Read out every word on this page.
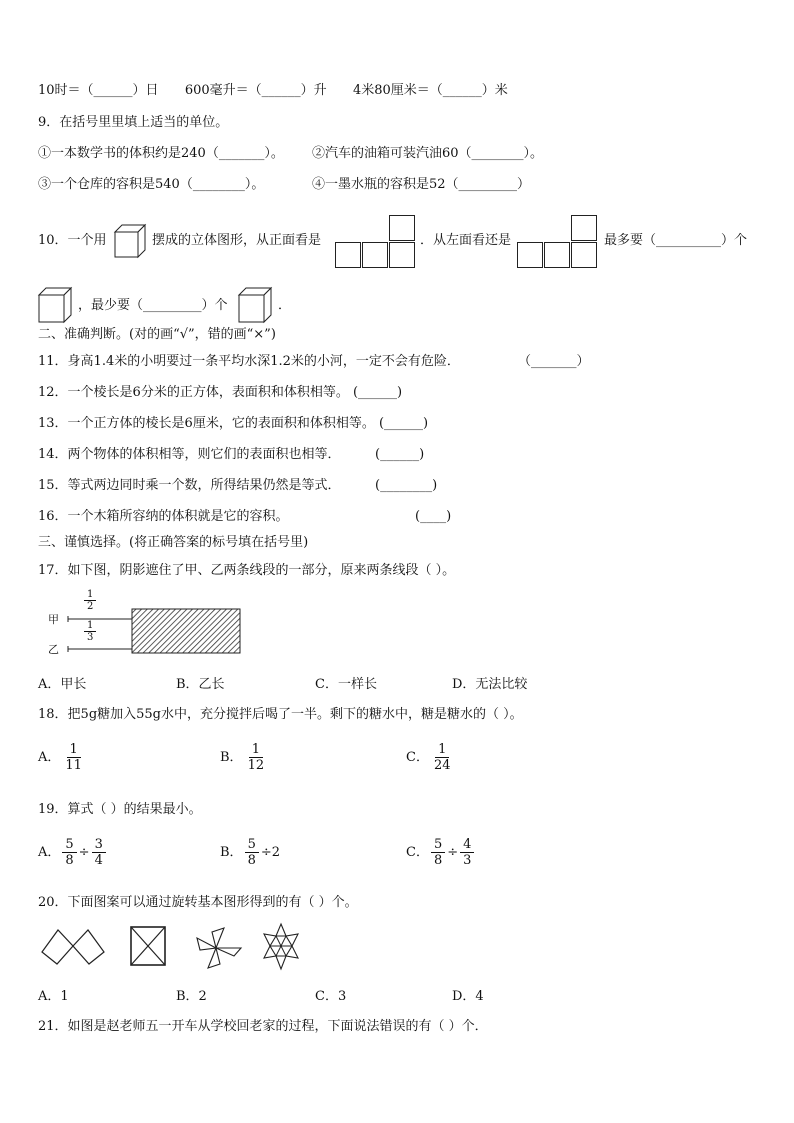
10时＝（______）日 600毫升＝（______）升 4米80厘米＝（______）米
9．在括号里里填上适当的单位。
①一本数学书的体积约是240（_______）。 ②汽车的油箱可装汽油60（________）。
③一个仓库的容积是540（________）。	④一墨水瓶的容积是52（_________）
10．一个用	摆成的立体图形，从正面看是	．从左面看还是	最多要（__________）个
，最少要（_________）个	．
二、准确判断。(对的画“√”，错的画“×”)
11．身高1.4米的小明要过一条平均水深1.2米的小河，一定不会有危险．	（_______）
12．一个棱长是6分米的正方体，表面积和体积相等。 (______)
13．一个正方体的棱长是6厘米，它的表面积和体积相等。 (______)
14．两个物体的体积相等，则它们的表面积也相等．	(______)
15．等式两边同时乘一个数，所得结果仍然是等式．	(________)
16．一个木箱所容纳的体积就是它的容积。	(____)
三、谨慎选择。(将正确答案的标号填在括号里)
17．如下图，阴影遮住了甲、乙两条线段的一部分，原来两条线段（ ）。
甲
乙
$\frac{1}{2}$
$\frac{1}{3}$
A．甲长	B．乙长	C．一样长	D．无法比较
18．把5g糖加入55g水中，充分搅拌后喝了一半。剩下的糖水中，糖是糖水的（ ）。
A． $\frac{1}{11}$	B． $\frac{1}{12}$	C． $\frac{1}{24}$
19．算式（ ）的结果最小。
A． $\frac{5}{8} \div \frac{3}{4}$	B． $\frac{5}{8} \div 2$	C． $\frac{5}{8} \div \frac{4}{3}$
20．下面图案可以通过旋转基本图形得到的有（ ）个。
A．1	B．2	C．3	D．4
21．如图是赵老师五一开车从学校回老家的过程，下面说法错误的有（ ）个．
